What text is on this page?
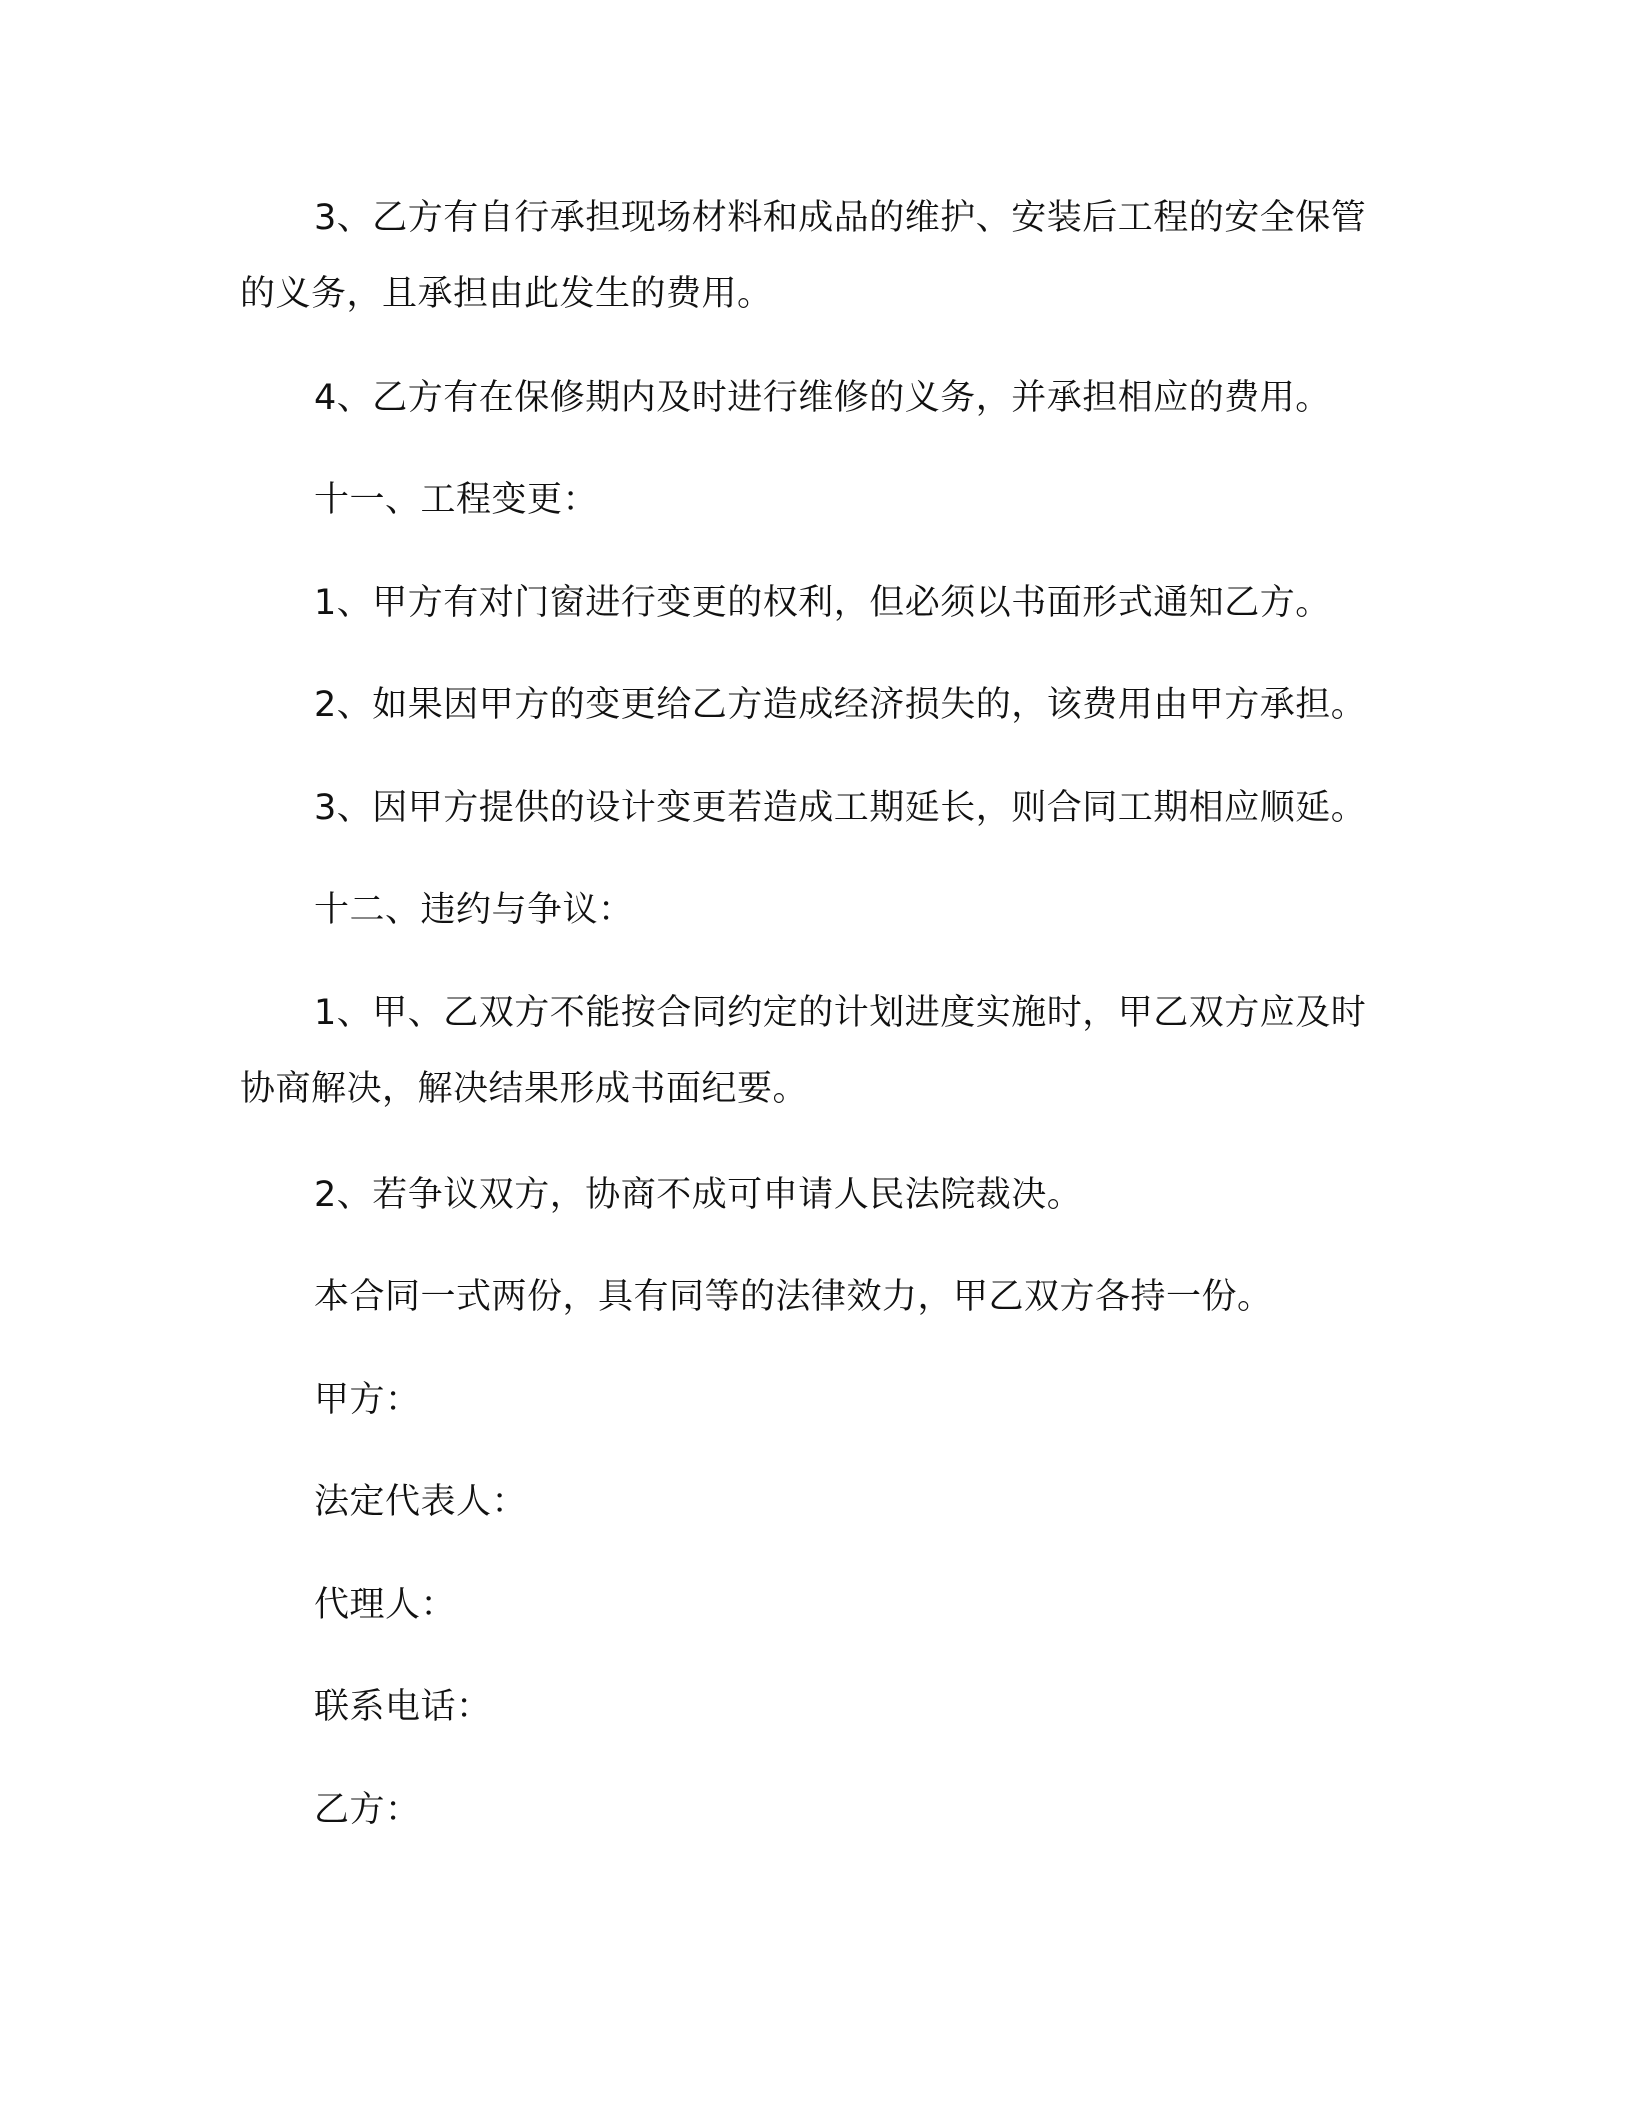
3、乙方有自行承担现场材料和成品的维护、安装后工程的安全保管的义务，且承担由此发生的费用。

4、乙方有在保修期内及时进行维修的义务，并承担相应的费用。

十一、工程变更：

1、甲方有对门窗进行变更的权利，但必须以书面形式通知乙方。

2、如果因甲方的变更给乙方造成经济损失的，该费用由甲方承担。

3、因甲方提供的设计变更若造成工期延长，则合同工期相应顺延。

十二、违约与争议：

1、甲、乙双方不能按合同约定的计划进度实施时，甲乙双方应及时协商解决，解决结果形成书面纪要。

2、若争议双方，协商不成可申请人民法院裁决。

本合同一式两份，具有同等的法律效力，甲乙双方各持一份。

甲方：

法定代表人：

代理人：

联系电话：

乙方：
